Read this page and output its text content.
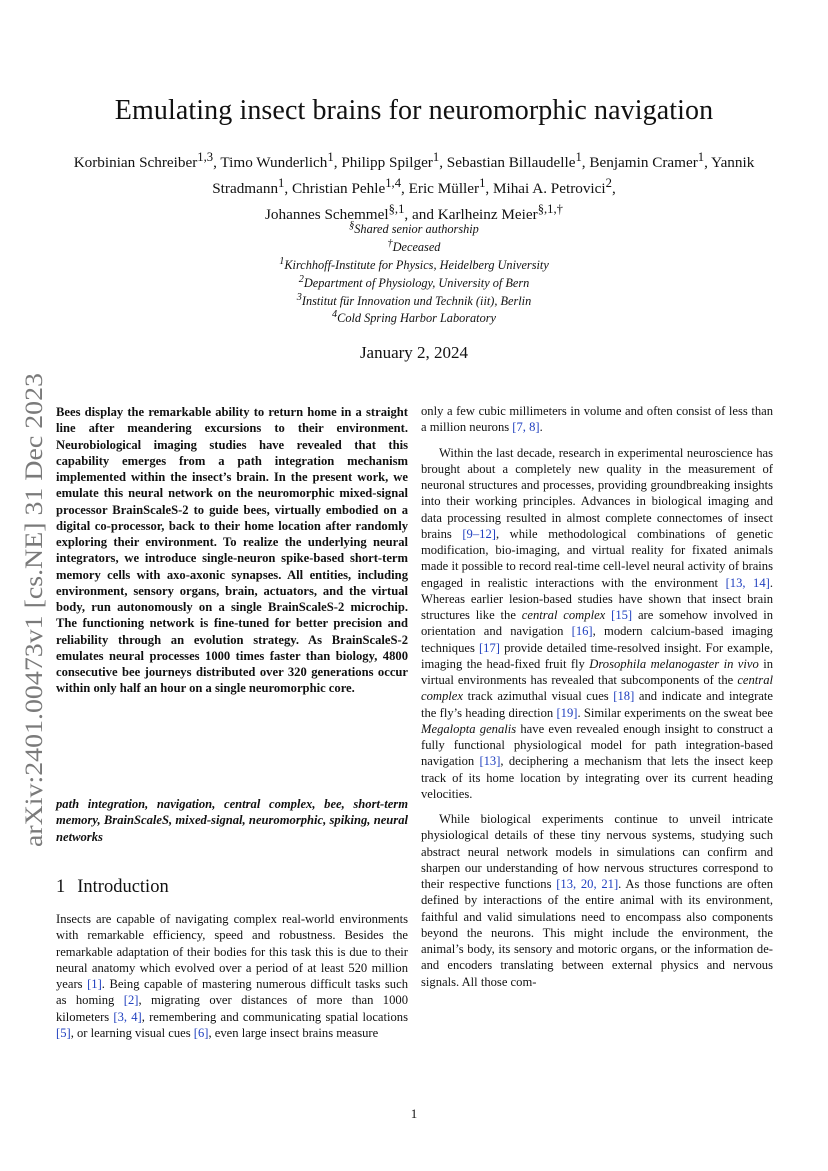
arXiv:2401.00473v1 [cs.NE] 31 Dec 2023
Emulating insect brains for neuromorphic navigation
Korbinian Schreiber$^{1,3}$, Timo Wunderlich$^1$, Philipp Spilger$^1$, Sebastian Billaudelle$^1$, Benjamin Cramer$^1$, Yannik Stradmann$^1$, Christian Pehle$^{1,4}$, Eric Müller$^1$, Mihai A. Petrovici$^2$,
Johannes Schemmel$^{\S,1}$, and Karlheinz Meier$^{\S,1,\dagger}$
§Shared senior authorship
†Deceased
$^1$Kirchhoff-Institute for Physics, Heidelberg University
$^2$Department of Physiology, University of Bern
$^3$Institut für Innovation und Technik (iit), Berlin
$^4$Cold Spring Harbor Laboratory
January 2, 2024
Bees display the remarkable ability to return home in a straight line after meandering excursions to their environment. Neurobiological imaging studies have revealed that this capability emerges from a path integration mechanism implemented within the insect’s brain. In the present work, we emulate this neural network on the neuromorphic mixed-signal processor BrainScaleS-2 to guide bees, virtually embodied on a digital co-processor, back to their home location after randomly exploring their environment. To realize the underlying neural integrators, we introduce single-neuron spike-based short-term memory cells with axo-axonic synapses. All entities, including environment, sensory organs, brain, actuators, and the virtual body, run autonomously on a single BrainScaleS-2 microchip. The functioning network is fine-tuned for better precision and reliability through an evolution strategy. As BrainScaleS-2 emulates neural processes 1000 times faster than biology, 4800 consecutive bee journeys distributed over 320 generations occur within only half an hour on a single neuromorphic core.
path integration, navigation, central complex, bee, short-term memory, BrainScaleS, mixed-signal, neuromorphic, spiking, neural networks
1 Introduction
Insects are capable of navigating complex real-world environments with remarkable efficiency, speed and robustness. Besides the remarkable adaptation of their bodies for this task this is due to their neural anatomy which evolved over a period of at least 520 million years [1]. Being capable of mastering numerous difficult tasks such as homing [2], migrating over distances of more than 1000 kilometers [3, 4], remembering and communicating spatial locations [5], or learning visual cues [6], even large insect brains measure

only a few cubic millimeters in volume and often consist of less than a million neurons [7, 8].

Within the last decade, research in experimental neuroscience has brought about a completely new quality in the measurement of neuronal structures and processes, providing groundbreaking insights into their working principles. Advances in biological imaging and data processing resulted in almost complete connectomes of insect brains [9–12], while methodological combinations of genetic modification, bio-imaging, and virtual reality for fixated animals made it possible to record real-time cell-level neural activity of brains engaged in realistic interactions with the environment [13, 14]. Whereas earlier lesion-based studies have shown that insect brain structures like the central complex [15] are somehow involved in orientation and navigation [16], modern calcium-based imaging techniques [17] provide detailed time-resolved insight. For example, imaging the head-fixed fruit fly Drosophila melanogaster in vivo in virtual environments has revealed that subcomponents of the central complex track azimuthal visual cues [18] and indicate and integrate the fly’s heading direction [19]. Similar experiments on the sweat bee Megalopta genalis have even revealed enough insight to construct a fully functional physiological model for path integration-based navigation [13], deciphering a mechanism that lets the insect keep track of its home location by integrating over its current heading velocities.

While biological experiments continue to unveil intricate physiological details of these tiny nervous systems, studying such abstract neural network models in simulations can confirm and sharpen our understanding of how nervous structures correspond to their respective functions [13, 20, 21]. As those functions are often defined by interactions of the entire animal with its environment, faithful and valid simulations need to encompass also components beyond the neurons. This might include the environment, the animal’s body, its sensory and motoric organs, or the information de- and encoders translating between external physics and nervous signals. All those com-

1
